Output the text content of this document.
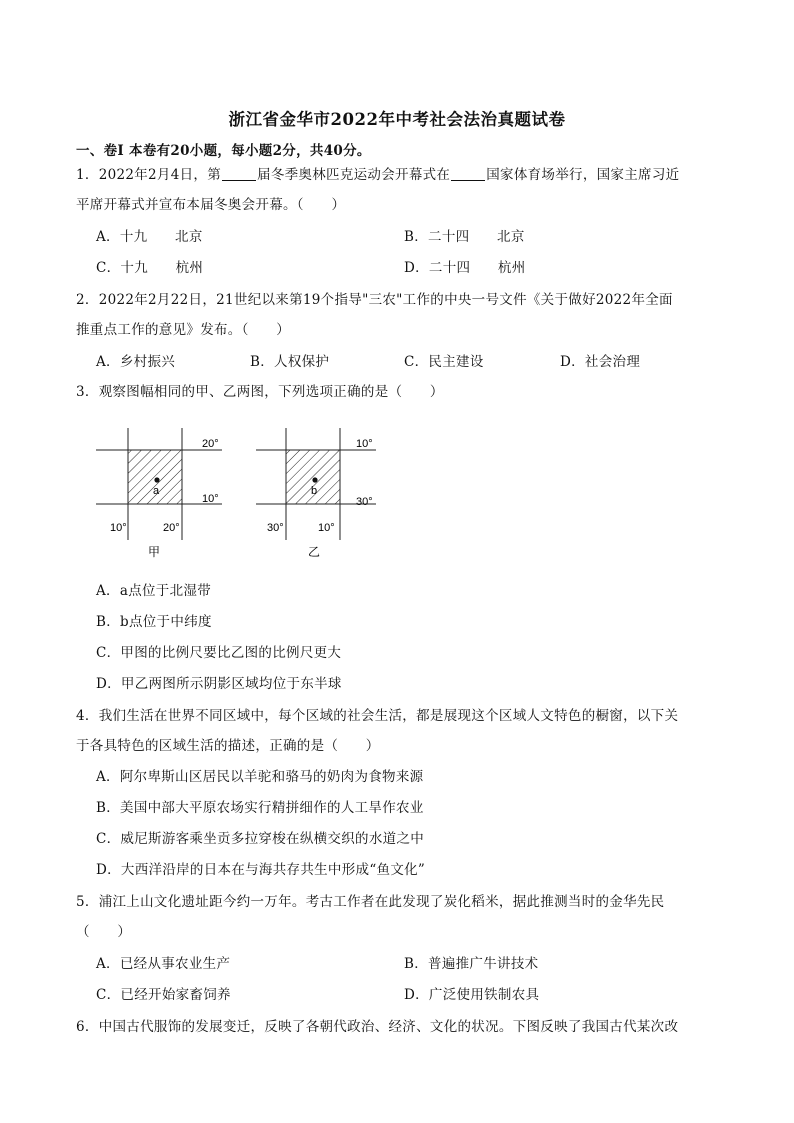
浙江省金华市2022年中考社会法治真题试卷
一、卷Ⅰ 本卷有20小题，每小题2分，共40分。
1．2022年2月4日，第	届冬季奥林匹克运动会开幕式在	国家体育场举行，国家主席习近
平席开幕式并宣布本届冬奥会开幕。（　　）
A．十九　　北京	B．二十四　　北京
C．十九　　杭州	D．二十四　　杭州
2．2022年2月22日，21世纪以来第19个指导"三农"工作的中央一号文件《关于做好2022年全面
推重点工作的意见》发布。（　　）
A．乡村振兴	B．人权保护	C．民主建设	D．社会治理
3．观察图幅相同的甲、乙两图，下列选项正确的是（　　）
a
20°
10°
10°	20°
甲
b
10°
30°
30°	10°
乙
A．a点位于北湿带
B．b点位于中纬度
C．甲图的比例尺要比乙图的比例尺更大
D．甲乙两图所示阴影区域均位于东半球
4．我们生活在世界不同区域中，每个区域的社会生活，都是展现这个区域人文特色的橱窗，以下关
于各具特色的区域生活的描述，正确的是（　　）
A．阿尔卑斯山区居民以羊驼和骆马的奶肉为食物来源
B．美国中部大平原农场实行精拼细作的人工旱作农业
C．威尼斯游客乘坐贡多拉穿梭在纵横交织的水道之中
D．大西洋沿岸的日本在与海共存共生中形成“鱼文化”
5．浦江上山文化遗址距今约一万年。考古工作者在此发现了炭化稻米，据此推测当时的金华先民
（　　）
A．已经从事农业生产	B．普遍推广牛讲技术
C．已经开始家畜饲养	D．广泛使用铁制农具
6．中国古代服饰的发展变迁，反映了各朝代政治、经济、文化的状况。下图反映了我国古代某次改
